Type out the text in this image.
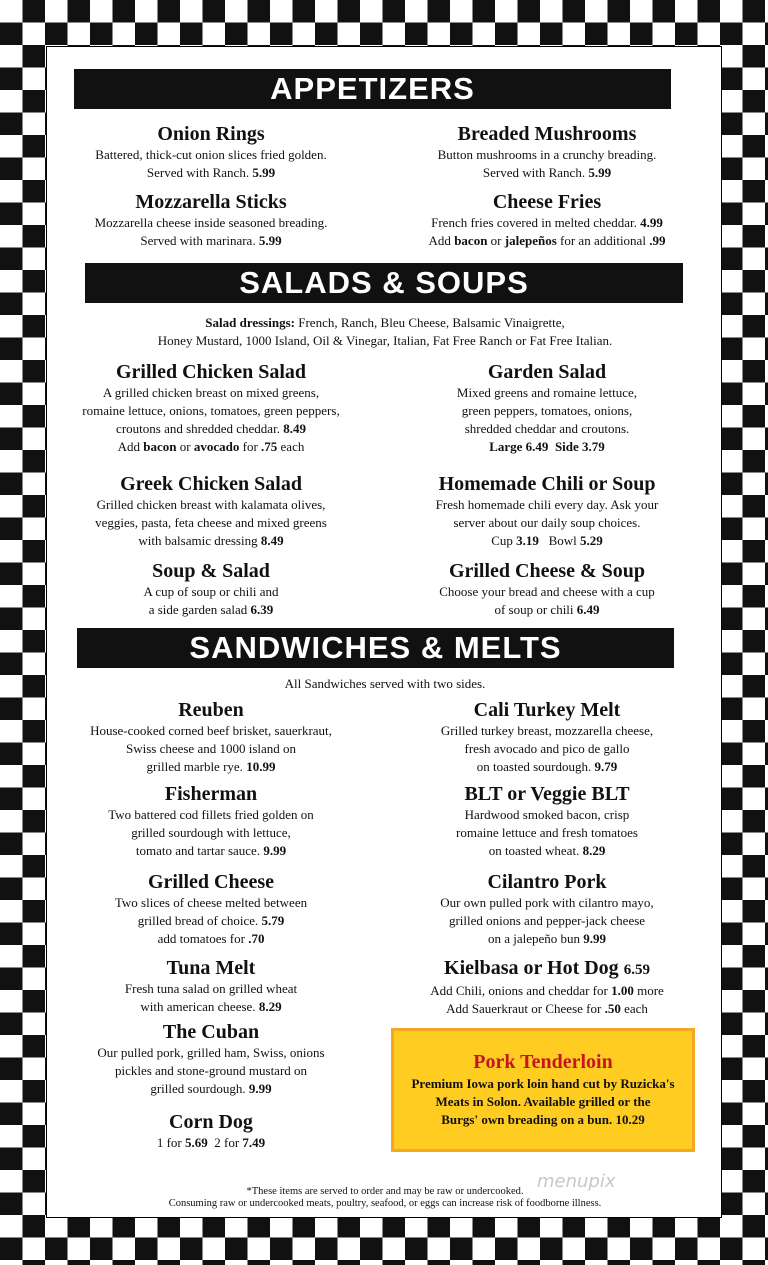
APPETIZERS
Onion Rings

Battered, thick-cut onion slices fried golden.

Served with Ranch. 5.99

Breaded Mushrooms

Button mushrooms in a crunchy breading.

Served with Ranch. 5.99

Mozzarella Sticks

Mozzarella cheese inside seasoned breading.

Served with marinara. 5.99

Cheese Fries

French fries covered in melted cheddar. 4.99

Add bacon or jalepeños for an additional .99

SALADS & SOUPS
Salad dressings: French, Ranch, Bleu Cheese, Balsamic Vinaigrette,
Honey Mustard, 1000 Island, Oil & Vinegar, Italian, Fat Free Ranch or Fat Free Italian.
Grilled Chicken Salad

A grilled chicken breast on mixed greens,

romaine lettuce, onions, tomatoes, green peppers,

croutons and shredded cheddar. 8.49

Add bacon or avocado for .75 each

Garden Salad

Mixed greens and romaine lettuce,

green peppers, tomatoes, onions,

shredded cheddar and croutons.

Large 6.49 Side 3.79

Greek Chicken Salad

Grilled chicken breast with kalamata olives,

veggies, pasta, feta cheese and mixed greens

with balsamic dressing 8.49

Homemade Chili or Soup

Fresh homemade chili every day. Ask your

server about our daily soup choices.

Cup 3.19 Bowl 5.29

Soup & Salad

A cup of soup or chili and

a side garden salad 6.39

Grilled Cheese & Soup

Choose your bread and cheese with a cup

of soup or chili 6.49

SANDWICHES & MELTS
All Sandwiches served with two sides.
Reuben

House-cooked corned beef brisket, sauerkraut,

Swiss cheese and 1000 island on

grilled marble rye. 10.99

Cali Turkey Melt

Grilled turkey breast, mozzarella cheese,

fresh avocado and pico de gallo

on toasted sourdough. 9.79

Fisherman

Two battered cod fillets fried golden on

grilled sourdough with lettuce,

tomato and tartar sauce. 9.99

BLT or Veggie BLT

Hardwood smoked bacon, crisp

romaine lettuce and fresh tomatoes

on toasted wheat. 8.29

Grilled Cheese

Two slices of cheese melted between

grilled bread of choice. 5.79

add tomatoes for .70

Cilantro Pork

Our own pulled pork with cilantro mayo,

grilled onions and pepper-jack cheese

on a jalepeño bun 9.99

Tuna Melt

Fresh tuna salad on grilled wheat

with american cheese. 8.29

Kielbasa or Hot Dog 6.59

Add Chili, onions and cheddar for 1.00 more

Add Sauerkraut or Cheese for .50 each

The Cuban

Our pulled pork, grilled ham, Swiss, onions

pickles and stone-ground mustard on

grilled sourdough. 9.99

Corn Dog

1 for 5.69 2 for 7.49

Pork Tenderloin

Premium Iowa pork loin hand cut by Ruzicka's
Meats in Solon. Available grilled or the
Burgs' own breading on a bun. 10.29

menupix
*These items are served to order and may be raw or undercooked.
Consuming raw or undercooked meats, poultry, seafood, or eggs can increase risk of foodborne illness.
